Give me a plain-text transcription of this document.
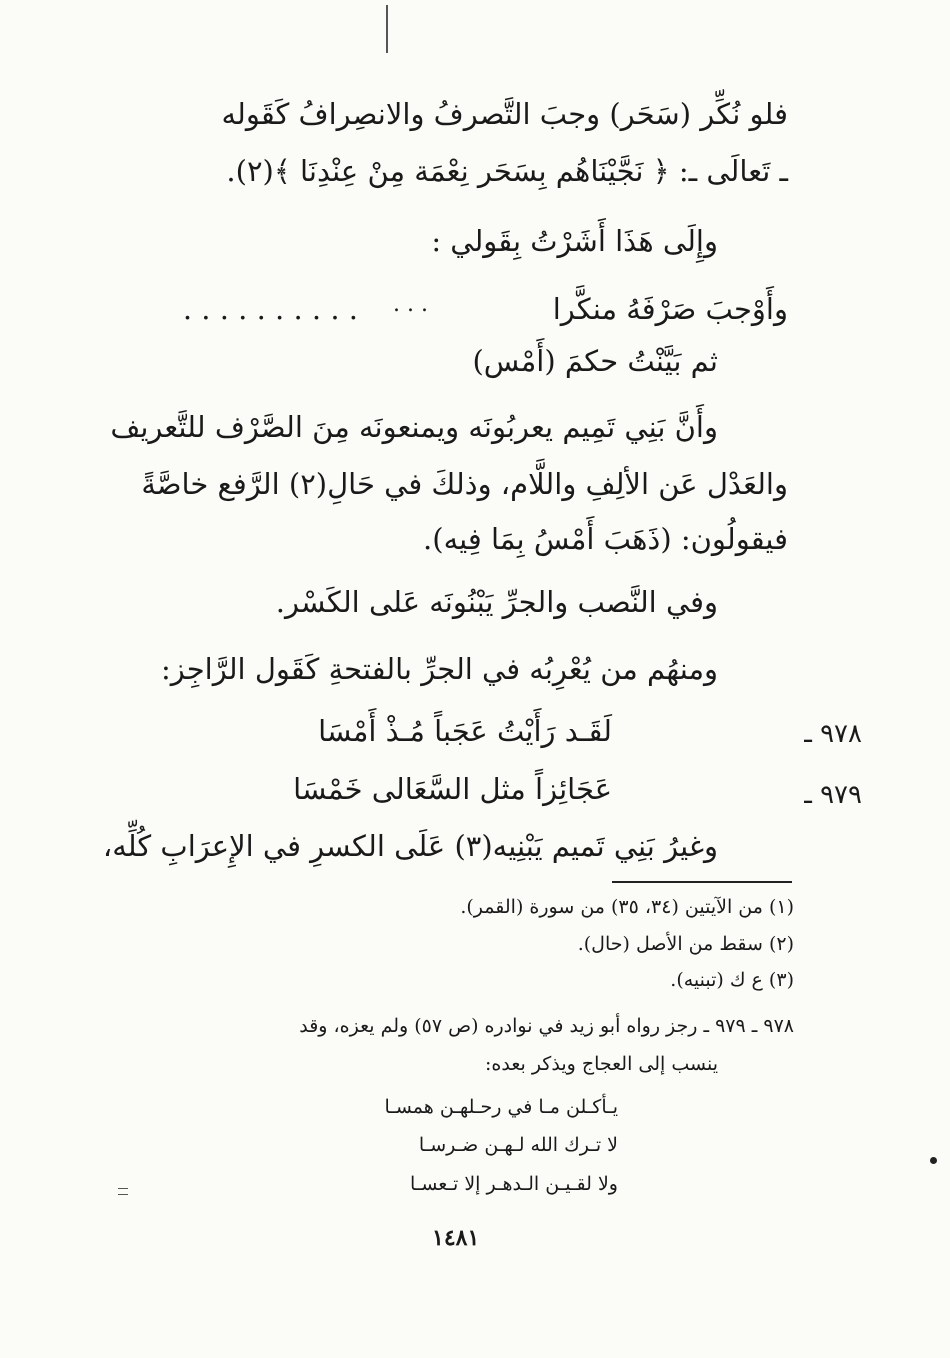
فلو نُكِّر (سَحَر) وجبَ التَّصرفُ والانصِرافُ كَقَوله
ـ تَعالَى ـ: ﴿ نَجَّيْنَاهُم بِسَحَر نِعْمَة مِنْ عِنْدِنَا ﴾(٢).
وإِلَى هَذَا أَشَرْتُ بِقَولي :
. . . . . . . . . . . . .	وأَوْجبَ صَرْفَهُ منكَّرا
ثم بَيَّنْتُ حكمَ (أَمْس)
وأَنَّ بَنِي تَمِيم يعربُونَه ويمنعونَه مِنَ الصَّرْف للتَّعريف
والعَدْل عَن الألِفِ واللَّام، وذلكَ في حَالِ(٢) الرَّفع خاصَّةً
فيقولُون: (ذَهَبَ أَمْسُ بِمَا فِيه).
وفي النَّصب والجرِّ يَبْنُونَه عَلى الكَسْر.
ومنهُم من يُعْرِبُه في الجرِّ بالفتحةِ كَقَول الرَّاجِز:
٩٧٨ ـ
لَقَـد رَأَيْتُ عَجَباً مُـذْ أَمْسَا
٩٧٩ ـ
عَجَائِزاً مثل السَّعَالى خَمْسَا
وغيرُ بَنِي تَميم يَبْنِيه(٣) عَلَى الكسرِ في الإِعرَابِ كُلِّه،
(١) من الآيتين (٣٤، ٣٥) من سورة (القمر).
(٢) سقط من الأصل (حال).
(٣) ع ك (تبنيه).
٩٧٨ ـ ٩٧٩ ـ رجز رواه أبو زيد في نوادره (ص ٥٧) ولم يعزه، وقد
ينسب إلى العجاج ويذكر بعده:
يـأكـلن مـا في رحـلهـن همسـا
لا تـرك الله لـهـن ضـرسـا
ولا لقـيـن الـدهـر إلا تـعسـا
١٤٨١
